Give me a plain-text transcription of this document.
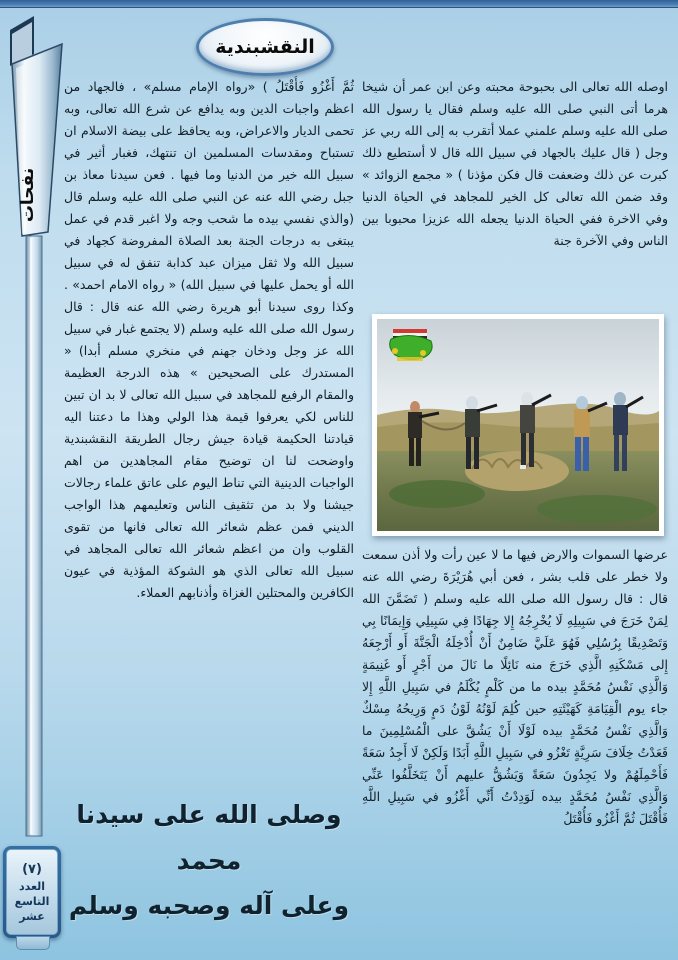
النقشبندية
نفحات

اوصله الله تعالى الى بحبوحة محبته وعن ابن عمر أن شيخا هرما أتى النبي صلى الله عليه وسلم فقال يا رسول الله صلى الله عليه وسلم علمني عملا أتقرب به إلى الله ربي عز وجل ( قال عليك بالجهاد في سبيل الله قال لا أستطيع ذلك كبرت عن ذلك وضعفت قال فكن مؤذنا ) « مجمع الزوائد » وقد ضمن الله تعالى كل الخير للمجاهد في الحياة الدنيا وفي الاخرة ففي الحياة الدنيا يجعله الله عزيزا محبوبا بين الناس وفي الآخرة جنة

عرضها السموات والارض فيها ما لا عين رأت ولا أذن سمعت ولا خطر على قلب بشر ، فعن أبي هُرَيْرَةَ رضي الله عنه قال : قال رسول الله صلى الله عليه وسلم ( تَضَمَّنَ الله لِمَنْ خَرَجَ في سَبِيلِهِ لَا يُخْرِجُهُ إِلا جِهَادًا فِي سَبِيلِي وَإِيمَانًا بِي وَتَصْدِيقًا بِرُسُلِي فَهُوَ عَلَيَّ ضَامِنٌ أَنْ أُدْخِلَهُ الْجَنَّةَ أَو أَرْجِعَهُ إِلى مَسْكَنِهِ الَّذِي خَرَجَ منه نَائِلًا ما نَالَ من أَجْرٍ أَو غَنِيمَةٍ وَالَّذِي نَفْسُ مُحَمَّدٍ بيده ما من كَلْمٍ يُكْلَمُ في سَبِيلِ اللَّهِ إِلا جاء يوم الْقِيَامَةِ كَهَيْئَتِهِ حين كُلِمَ لَوْنُهُ لَوْنُ دَمٍ وَرِيحُهُ مِسْكٌ وَالَّذِي نَفْسُ مُحَمَّدٍ بيده لَوْلَا أَنْ يَشُقَّ على الْمُسْلِمِينَ ما قَعَدْتُ خِلَافَ سَرِيَّةٍ تَغْزُو في سَبِيلِ اللَّهِ أَبَدًا وَلَكِنْ لَا أَجِدُ سَعَةً فَأَحْمِلَهُمْ ولا يَجِدُونَ سَعَةً وَيَشُقُّ عليهم أَنْ يَتَخَلَّفُوا عَنِّي وَالَّذِي نَفْسُ مُحَمَّدٍ بيده لَوَدِدْتُ أَنِّي أَغْزُو في سَبِيلِ اللَّهِ فَأُقْتَلَ ثُمَّ أَغْزُو فَأُقْتَلُ

ثُمَّ أَغْزُو فَأُقْتَلُ ) «رواه الإمام مسلم» ، فالجهاد من اعظم واجبات الدين وبه يدافع عن شرع الله تعالى، وبه تحمى الديار والاعراض، وبه يحافظ على بيضة الاسلام ان تستباح ومقدسات المسلمين ان تنتهك، فغبار أثير في سبيل الله خير من الدنيا وما فيها . فعن سيدنا معاذ بن جبل رضي الله عنه عن النبي صلى الله عليه وسلم قال (والذي نفسي بيده ما شحب وجه ولا اغبر قدم في عمل يبتغى به درجات الجنة بعد الصلاة المفروضة كجهاد في سبيل الله ولا ثقل ميزان عبد كدابة تنفق له في سبيل الله أو يحمل عليها في سبيل الله) « رواه الامام احمد» . وكذا روى سيدنا أبو هريرة رضي الله عنه قال : قال رسول الله صلى الله عليه وسلم (لا يجتمع غبار في سبيل الله عز وجل ودخان جهنم في منخري مسلم أبدا) « المستدرك على الصحيحين » هذه الدرجة العظيمة والمقام الرفيع للمجاهد في سبيل الله تعالى لا بد ان تبين للناس لكي يعرفوا قيمة هذا الولي وهذا ما دعتنا اليه قيادتنا الحكيمة قيادة جيش رجال الطريقة النقشبندية واوضحت لنا ان توضيح مقام المجاهدين من اهم الواجبات الدينية التي تناط اليوم على عاتق علماء رجالات جيشنا ولا بد من تثقيف الناس وتعليمهم هذا الواجب الديني فمن عظم شعائر الله تعالى فانها من تقوى القلوب وان من اعظم شعائر الله تعالى المجاهد في سبيل الله تعالى الذي هو الشوكة المؤذية في عيون الكافرين والمحتلين الغزاة وأذنابهم العملاء.

وصلى الله على سيدنا محمد
وعلى آله وصحبه وسلم
(٧)
العدد
التاسع
عشر
